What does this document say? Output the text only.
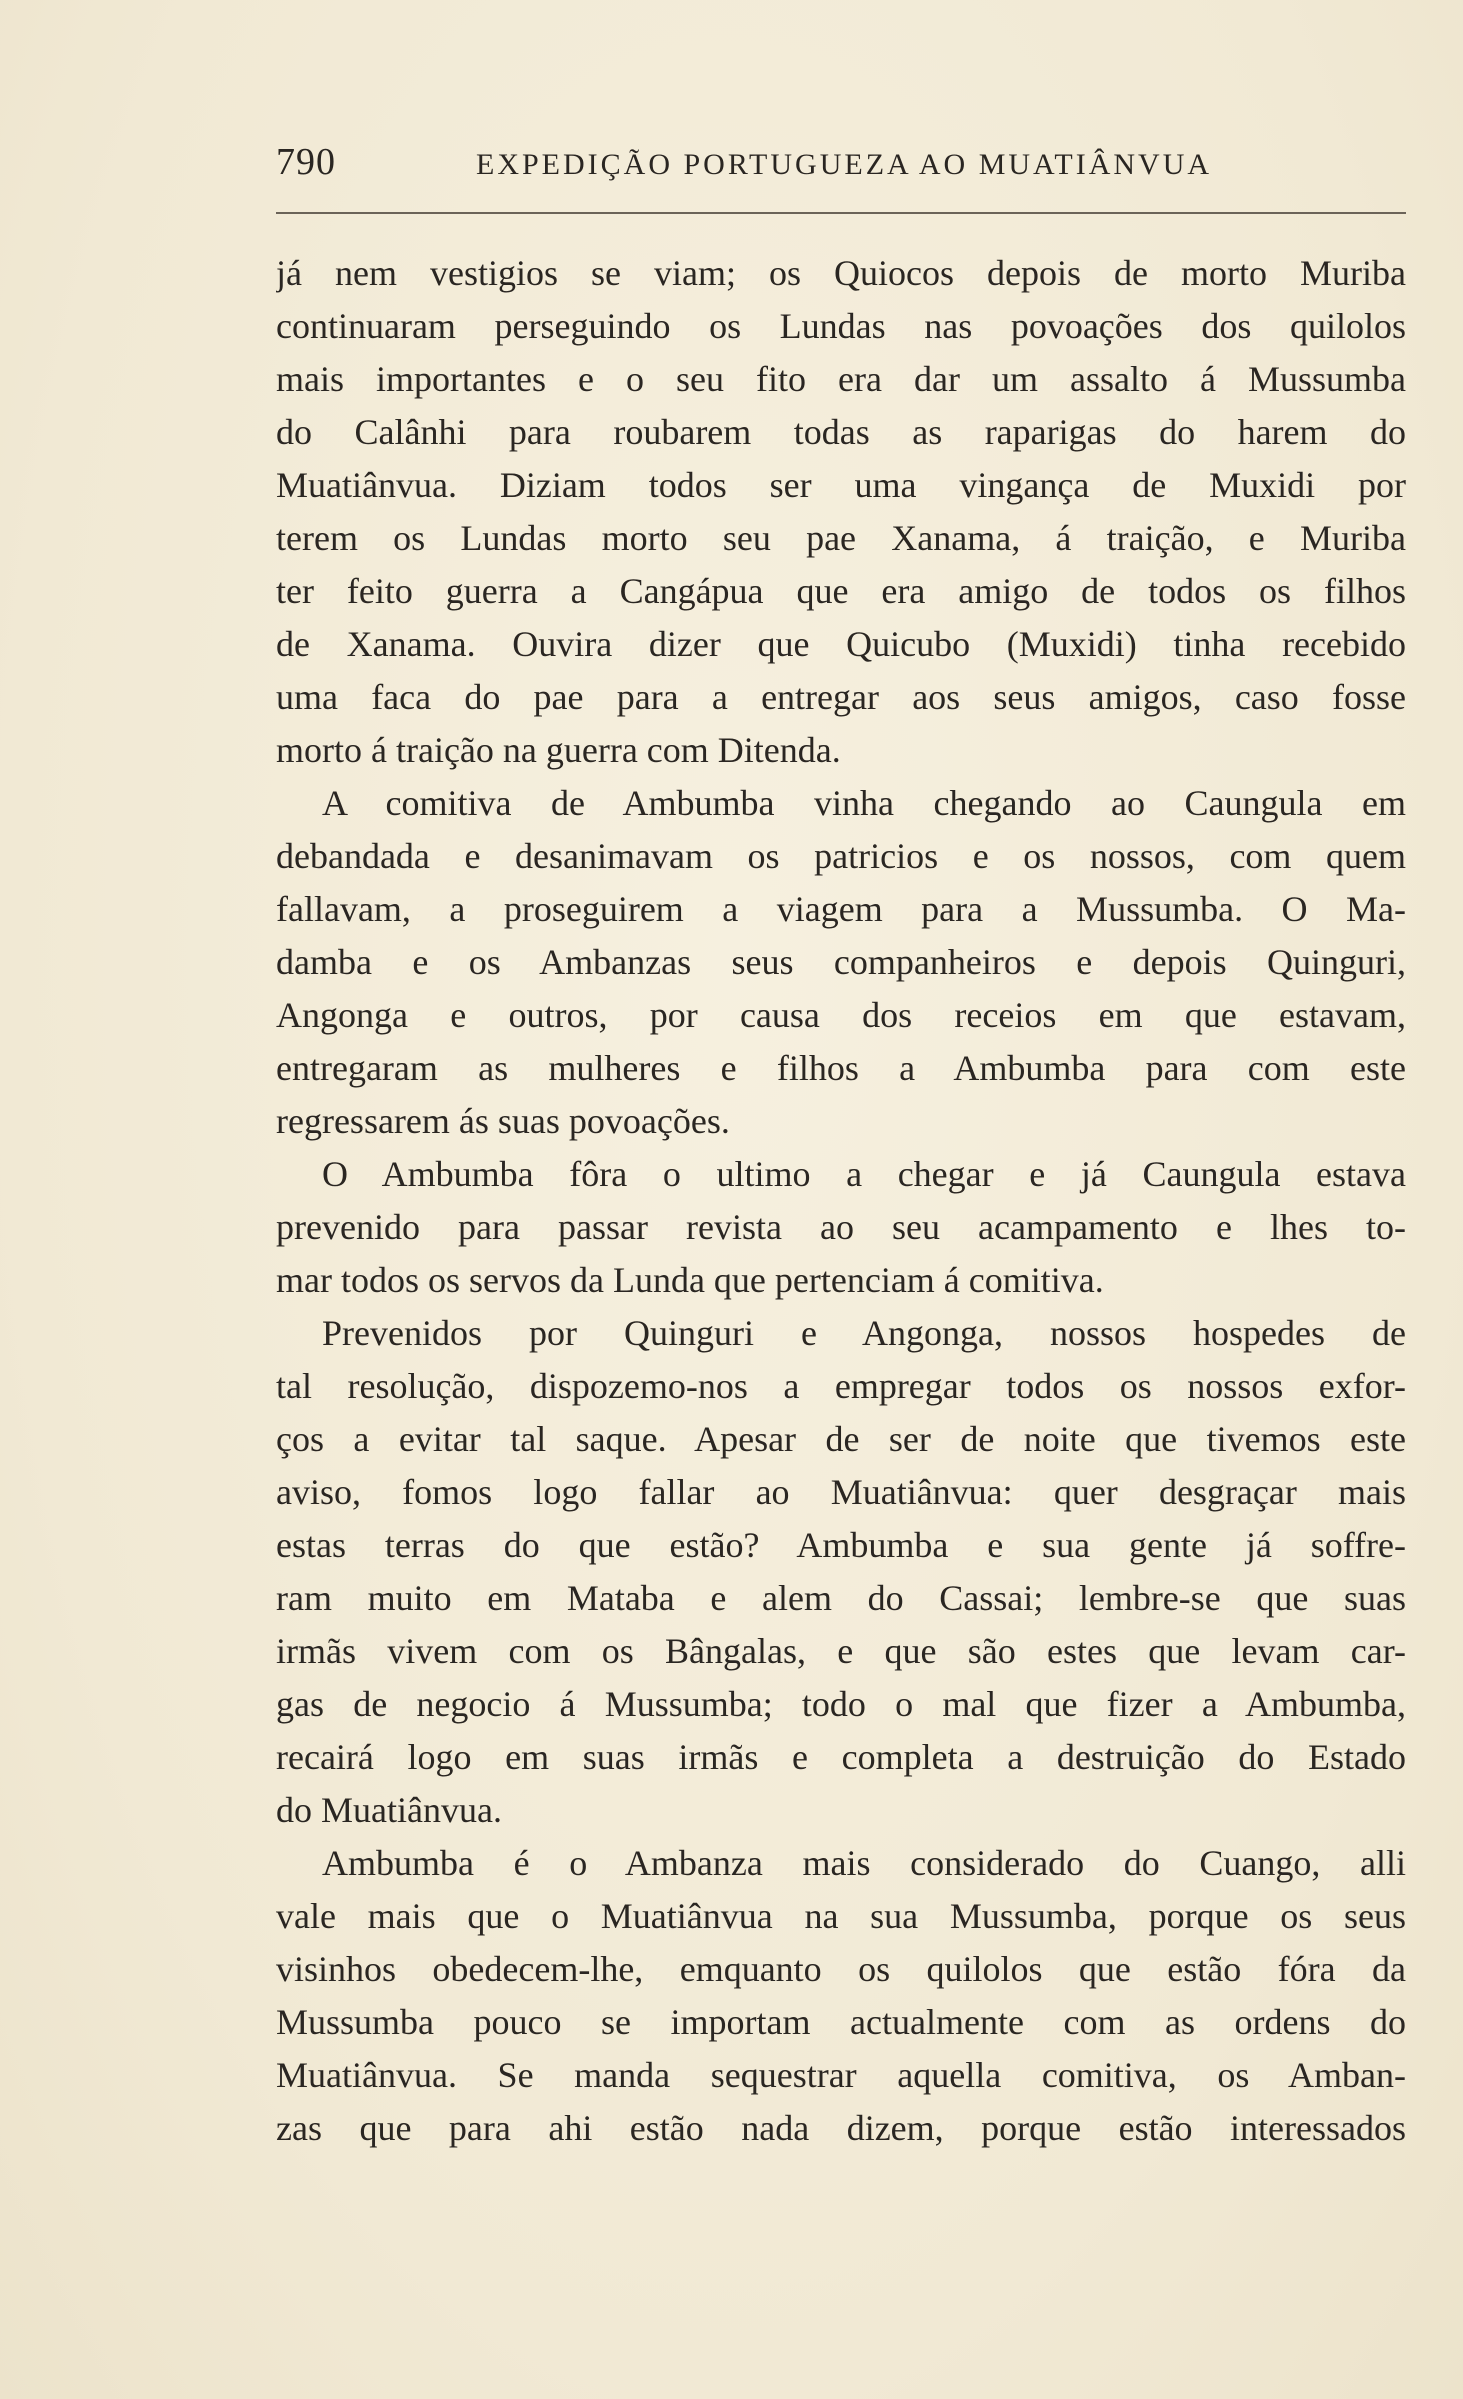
790	EXPEDIÇÃO PORTUGUEZA AO MUATIÂNVUA
já nem vestigios se viam; os Quiocos depois de morto Muriba
continuaram perseguindo os Lundas nas povoações dos quilolos
mais importantes e o seu fito era dar um assalto á Mussumba
do Calânhi para roubarem todas as raparigas do harem do
Muatiânvua. Diziam todos ser uma vingança de Muxidi por
terem os Lundas morto seu pae Xanama, á traição, e Muriba
ter feito guerra a Cangápua que era amigo de todos os filhos
de Xanama. Ouvira dizer que Quicubo (Muxidi) tinha recebido
uma faca do pae para a entregar aos seus amigos, caso fosse
morto á traição na guerra com Ditenda.
A comitiva de Ambumba vinha chegando ao Caungula em
debandada e desanimavam os patricios e os nossos, com quem
fallavam, a proseguirem a viagem para a Mussumba. O Ma-
damba e os Ambanzas seus companheiros e depois Quinguri,
Angonga e outros, por causa dos receios em que estavam,
entregaram as mulheres e filhos a Ambumba para com este
regressarem ás suas povoações.
O Ambumba fôra o ultimo a chegar e já Caungula estava
prevenido para passar revista ao seu acampamento e lhes to-
mar todos os servos da Lunda que pertenciam á comitiva.
Prevenidos por Quinguri e Angonga, nossos hospedes de
tal resolução, dispozemo-nos a empregar todos os nossos exfor-
ços a evitar tal saque. Apesar de ser de noite que tivemos este
aviso, fomos logo fallar ao Muatiânvua: quer desgraçar mais
estas terras do que estão? Ambumba e sua gente já soffre-
ram muito em Mataba e alem do Cassai; lembre-se que suas
irmãs vivem com os Bângalas, e que são estes que levam car-
gas de negocio á Mussumba; todo o mal que fizer a Ambumba,
recairá logo em suas irmãs e completa a destruição do Estado
do Muatiânvua.
Ambumba é o Ambanza mais considerado do Cuango, alli
vale mais que o Muatiânvua na sua Mussumba, porque os seus
visinhos obedecem-lhe, emquanto os quilolos que estão fóra da
Mussumba pouco se importam actualmente com as ordens do
Muatiânvua. Se manda sequestrar aquella comitiva, os Amban-
zas que para ahi estão nada dizem, porque estão interessados
